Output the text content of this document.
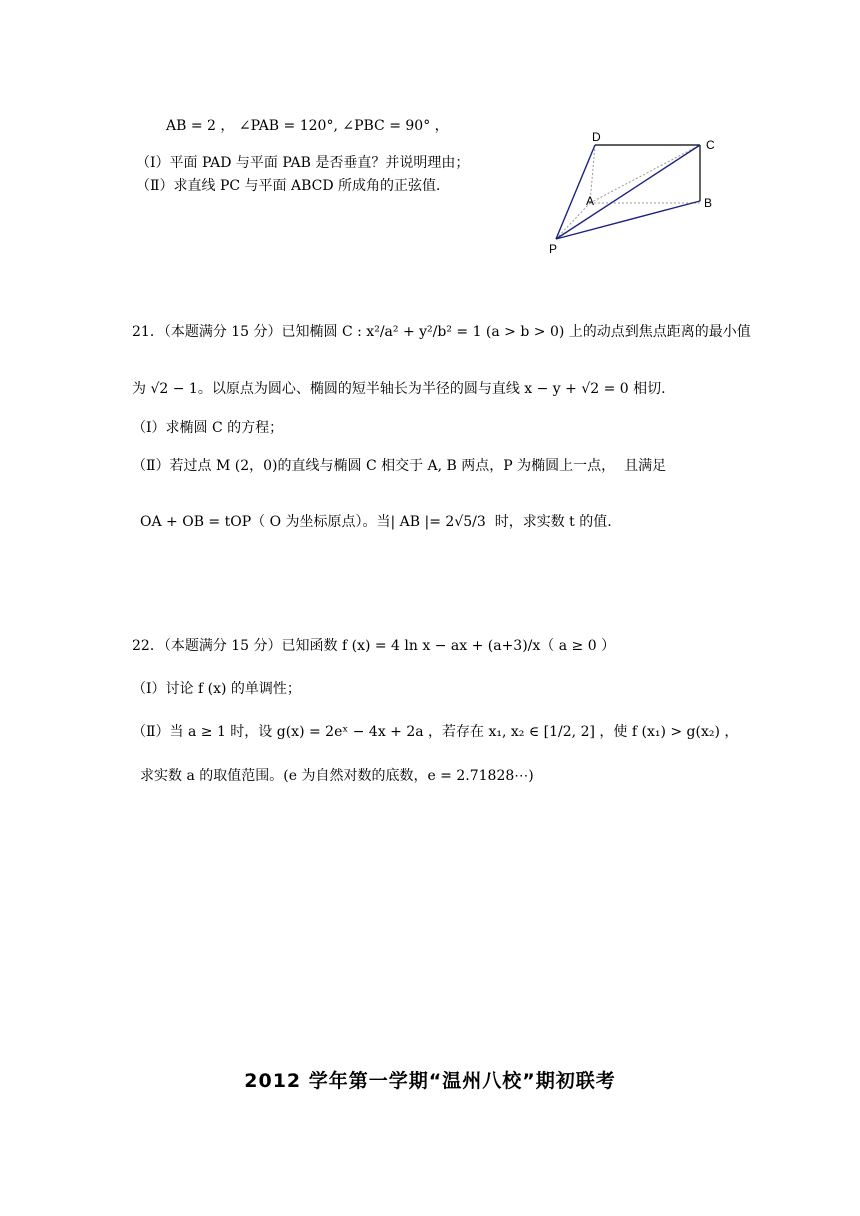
AB = 2 ， ∠PAB = 120°, ∠PBC = 90° ，
（Ⅰ）平面 PAD 与平面 PAB 是否垂直？并说明理由；
（Ⅱ）求直线 PC 与平面 ABCD 所成角的正弦值．
D
C
A	B
P
21．（本题满分 15 分）已知椭圆 C : x²/a² + y²/b² = 1 (a > b > 0) 上的动点到焦点距离的最小值
为 √2 − 1。以原点为圆心、椭圆的短半轴长为半径的圆与直线 x − y + √2 = 0 相切.
（Ⅰ）求椭圆 C 的方程；
（Ⅱ）若过点 M (2，0)的直线与椭圆 C 相交于 A, B 两点，P 为椭圆上一点，  且满足
OA + OB = tOP（ O 为坐标原点）。当| AB |= 2√5/3  时，求实数 t 的值.
22．（本题满分 15 分）已知函数 f (x) = 4 ln x − ax + (a+3)/x（ a ≥ 0 ）
（Ⅰ）讨论 f (x) 的单调性；
（Ⅱ）当 a ≥ 1 时，设 g(x) = 2eˣ − 4x + 2a ，若存在 x₁, x₂ ∈ [1/2, 2] ，使 f (x₁) > g(x₂) ，
求实数 a 的取值范围。(e 为自然对数的底数，e = 2.71828⋯)
2012 学年第一学期“温州八校”期初联考
